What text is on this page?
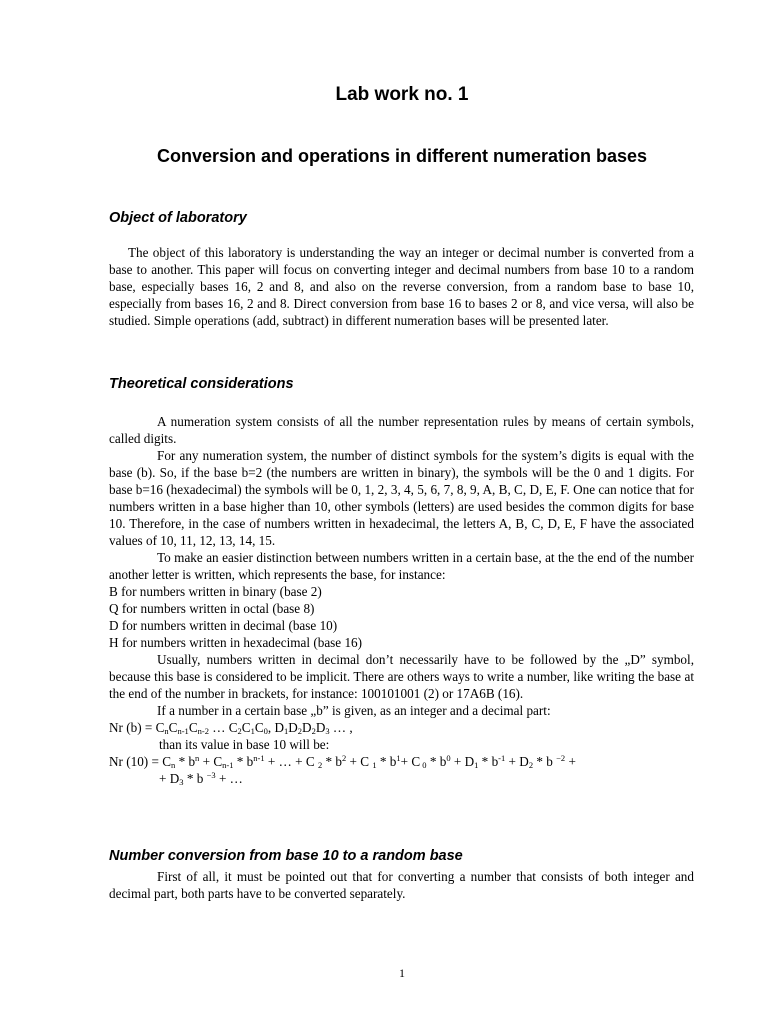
Lab work no. 1
Conversion and operations in different numeration bases
Object of laboratory

The object of this laboratory is understanding the way an integer or decimal number is converted from a base to another. This paper will focus on converting integer and decimal numbers from base 10 to a random base, especially bases 16, 2 and 8, and also on the reverse conversion, from a random base to base 10, especially from bases 16, 2 and 8. Direct conversion from base 16 to bases 2 or 8, and vice versa, will also be studied. Simple operations (add, subtract) in different numeration bases will be presented later.

Theoretical considerations

A numeration system consists of all the number representation rules by means of certain symbols, called digits.

For any numeration system, the number of distinct symbols for the system’s digits is equal with the base (b). So, if the base b=2 (the numbers are written in binary), the symbols will be the 0 and 1 digits. For base b=16 (hexadecimal) the symbols will be 0, 1, 2, 3, 4, 5, 6, 7, 8, 9, A, B, C, D, E, F. One can notice that for numbers written in a base higher than 10, other symbols (letters) are used besides the common digits for base 10. Therefore, in the case of numbers written in hexadecimal, the letters A, B, C, D, E, F have the associated values of 10, 11, 12, 13, 14, 15.

To make an easier distinction between numbers written in a certain base, at the the end of the number another letter is written, which represents the base, for instance:

B for numbers written in binary (base 2)

Q for numbers written in octal (base 8)

D for numbers written in decimal (base 10)

H for numbers written in hexadecimal (base 16)

Usually, numbers written in decimal don’t necessarily have to be followed by the „D” symbol, because this base is considered to be implicit. There are others ways to write a number, like writing the base at the end of the number in brackets, for instance: 100101001 (2) or 17A6B (16).

If a number in a certain base „b” is given, as an integer and a decimal part:

Nr $(b) = C_nC_{n-1}C_{n-2}$ … $C_2C_1C_0$, $D_1D_2D_2D_3$ … ,

than its value in base 10 will be:

Nr $(10) = C_n * b^n + C_{n-1} * b^{n-1}$ + … + C $_2 * b^2 + C$ $_1 * b^1+ C$ $_0 * b^0 + D_1 * b^{-1} + D_2 * b$ $^{-2}$ +

+ $D_3$ * b $^{-3}$ + …

Number conversion from base 10 to a random base

First of all, it must be pointed out that for converting a number that consists of both integer and decimal part, both parts have to be converted separately.

1
